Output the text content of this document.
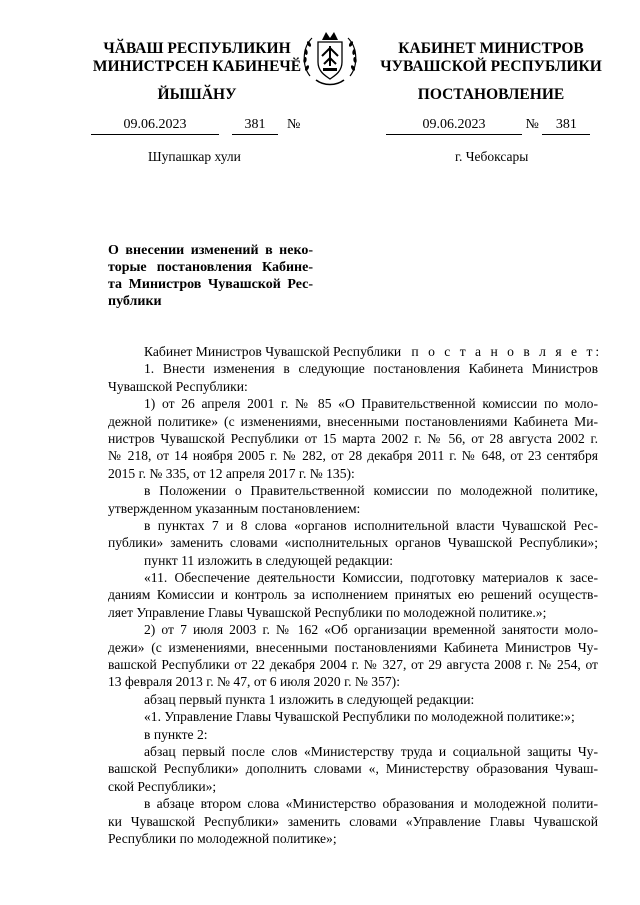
ЧӐВАШ РЕСПУБЛИКИН
МИНИСТРСЕН КАБИНЕЧӖ
ЙЫШӐНУ
КАБИНЕТ МИНИСТРОВ
ЧУВАШСКОЙ РЕСПУБЛИКИ
ПОСТАНОВЛЕНИЕ
09.06.2023	381 №	09.06.2023	№ 381
Шупашкар хули	г. Чебоксары
О внесении изменений в неко-
торые постановления Кабине-
та Министров Чувашской Рес-
публики
Кабинет Министров Чувашской Республики п о с т а н о в л я е т:
1. Внести изменения в следующие постановления Кабинета Министров
Чувашской Республики:
1) от 26 апреля 2001 г. № 85 «О Правительственной комиссии по моло-
дежной политике» (с изменениями, внесенными постановлениями Кабинета Ми-
нистров Чувашской Республики от 15 марта 2002 г. № 56, от 28 августа 2002 г.
№ 218, от 14 ноября 2005 г. № 282, от 28 декабря 2011 г. № 648, от 23 сентября
2015 г. № 335, от 12 апреля 2017 г. № 135):
в Положении о Правительственной комиссии по молодежной политике,
утвержденном указанным постановлением:
в пунктах 7 и 8 слова «органов исполнительной власти Чувашской Рес-
публики» заменить словами «исполнительных органов Чувашской Республики»;
пункт 11 изложить в следующей редакции:
«11. Обеспечение деятельности Комиссии, подготовку материалов к засе-
даниям Комиссии и контроль за исполнением принятых ею решений осуществ-
ляет Управление Главы Чувашской Республики по молодежной политике.»;
2) от 7 июля 2003 г. № 162 «Об организации временной занятости моло-
дежи» (с изменениями, внесенными постановлениями Кабинета Министров Чу-
вашской Республики от 22 декабря 2004 г. № 327, от 29 августа 2008 г. № 254, от
13 февраля 2013 г. № 47, от 6 июля 2020 г. № 357):
абзац первый пункта 1 изложить в следующей редакции:
«1. Управление Главы Чувашской Республики по молодежной политике:»;
в пункте 2:
абзац первый после слов «Министерству труда и социальной защиты Чу-
вашской Республики» дополнить словами «, Министерству образования Чуваш-
ской Республики»;
в абзаце втором слова «Министерство образования и молодежной полити-
ки Чувашской Республики» заменить словами «Управление Главы Чувашской
Республики по молодежной политике»;
